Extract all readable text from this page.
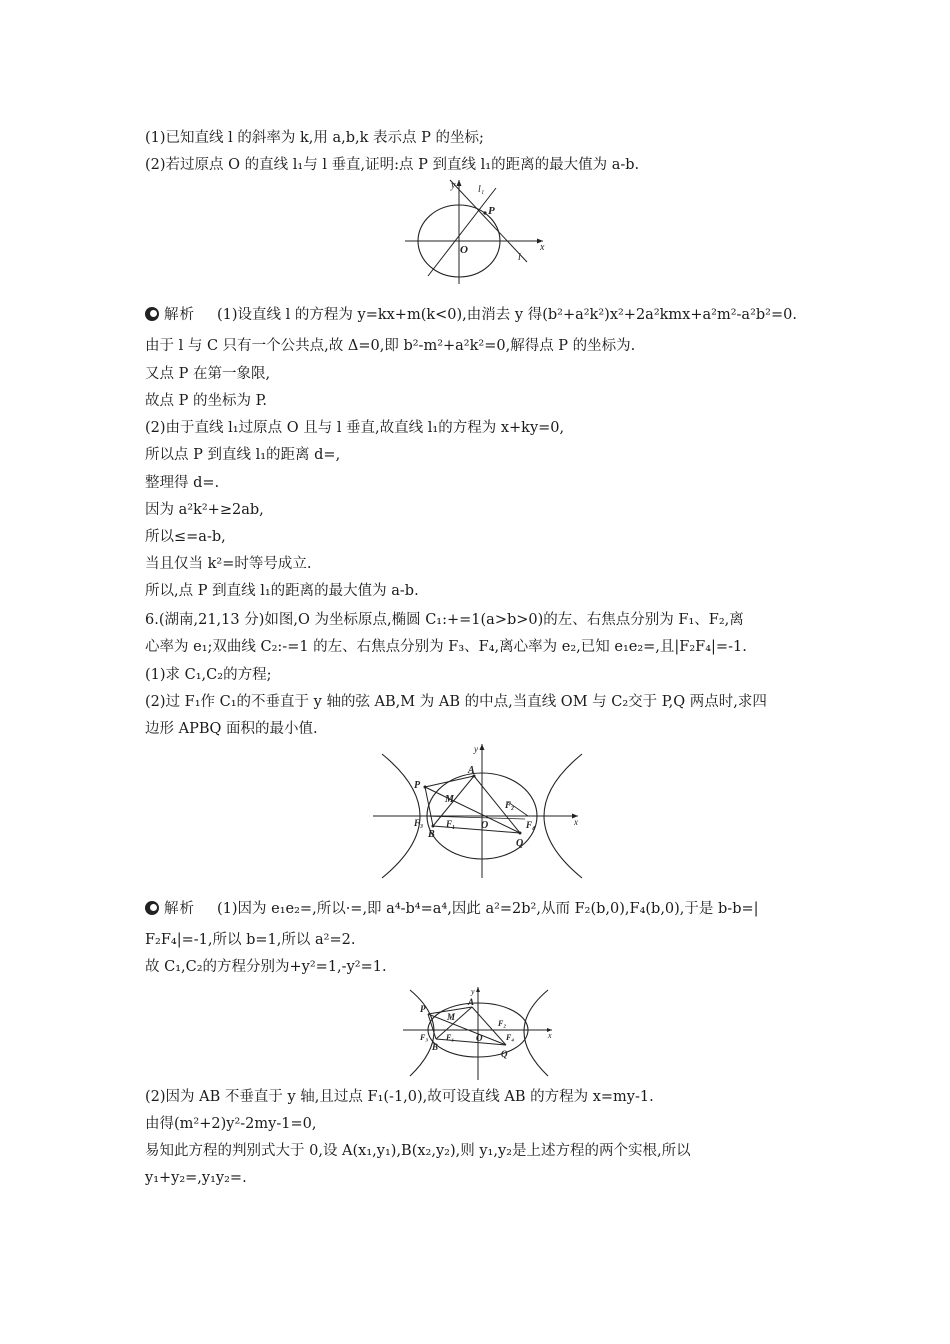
(1)已知直线 l 的斜率为 k,用 a,b,k 表示点 P 的坐标;
(2)若过原点 O 的直线 l₁与 l 垂直,证明:点 P 到直线 l₁的距离的最大值为 a-b.
y
x
O
P
l
l₁
解析 (1)设直线 l 的方程为 y=kx+m(k<0),由消去 y 得(b²+a²k²)x²+2a²kmx+a²m²-a²b²=0.
由于 l 与 C 只有一个公共点,故 Δ=0,即 b²-m²+a²k²=0,解得点 P 的坐标为.
又点 P 在第一象限,
故点 P 的坐标为 P.
(2)由于直线 l₁过原点 O 且与 l 垂直,故直线 l₁的方程为 x+ky=0,
所以点 P 到直线 l₁的距离 d=,
整理得 d=.
因为 a²k²+≥2ab,
所以≤=a-b,
当且仅当 k²=时等号成立.
所以,点 P 到直线 l₁的距离的最大值为 a-b.
6.(湖南,21,13 分)如图,O 为坐标原点,椭圆 C₁:+=1(a>b>0)的左、右焦点分别为 F₁、F₂,离
心率为 e₁;双曲线 C₂:-=1 的左、右焦点分别为 F₃、F₄,离心率为 e₂,已知 e₁e₂=,且|F₂F₄|=-1.
(1)求 C₁,C₂的方程;
(2)过 F₁作 C₁的不垂直于 y 轴的弦 AB,M 为 AB 的中点,当直线 OM 与 C₂交于 P,Q 两点时,求四
边形 APBQ 面积的最小值.
y
x
O
P
Q
A
B
M
F₁
F₂
F₃	F₄
解析 (1)因为 e₁e₂=,所以·=,即 a⁴-b⁴=a⁴,因此 a²=2b²,从而 F₂(b,0),F₄(b,0),于是 b-b=|
F₂F₄|=-1,所以 b=1,所以 a²=2.
故 C₁,C₂的方程分别为+y²=1,-y²=1.
y
x
O
P
Q
A
B
M
F₁
F₂
F₃	F₄
(2)因为 AB 不垂直于 y 轴,且过点 F₁(-1,0),故可设直线 AB 的方程为 x=my-1.
由得(m²+2)y²-2my-1=0,
易知此方程的判别式大于 0,设 A(x₁,y₁),B(x₂,y₂),则 y₁,y₂是上述方程的两个实根,所以
y₁+y₂=,y₁y₂=.
